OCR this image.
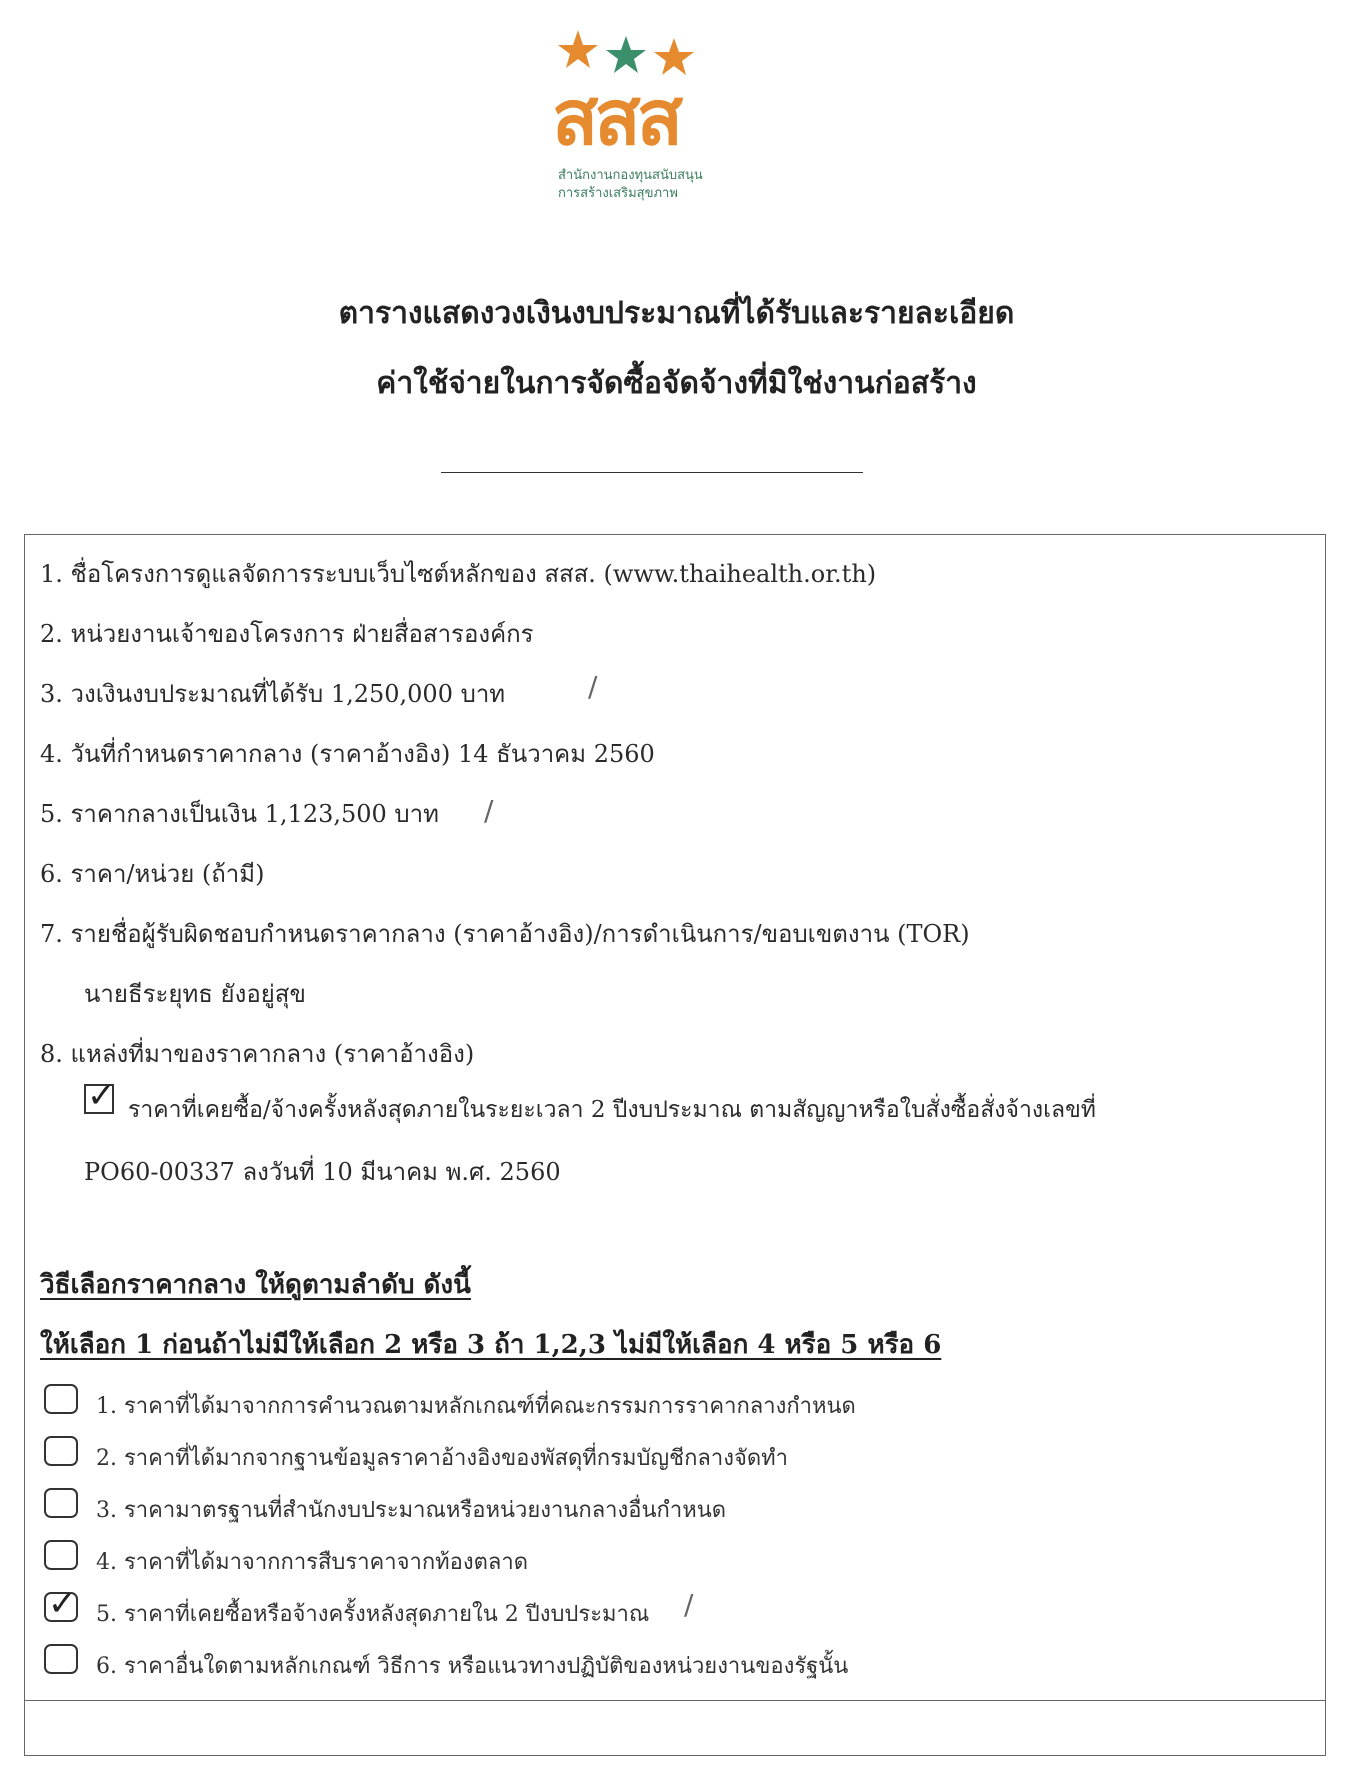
สสส
สำนักงานกองทุนสนับสนุน
การสร้างเสริมสุขภาพ
ตารางแสดงวงเงินงบประมาณที่ได้รับและรายละเอียด
ค่าใช้จ่ายในการจัดซื้อจัดจ้างที่มิใช่งานก่อสร้าง
1. ชื่อโครงการดูแลจัดการระบบเว็บไซต์หลักของ สสส. (www.thaihealth.or.th)
2. หน่วยงานเจ้าของโครงการ ฝ่ายสื่อสารองค์กร
3. วงเงินงบประมาณที่ได้รับ 1,250,000 บาท	/
4. วันที่กำหนดราคากลาง (ราคาอ้างอิง) 14 ธันวาคม 2560
5. ราคากลางเป็นเงิน 1,123,500 บาท /
6. ราคา/หน่วย (ถ้ามี)
7. รายชื่อผู้รับผิดชอบกำหนดราคากลาง (ราคาอ้างอิง)/การดำเนินการ/ขอบเขตงาน (TOR)
นายธีระยุทธ ยังอยู่สุข
8. แหล่งที่มาของราคากลาง (ราคาอ้างอิง)
✓ ราคาที่เคยซื้อ/จ้างครั้งหลังสุดภายในระยะเวลา 2 ปีงบประมาณ ตามสัญญาหรือใบสั่งซื้อสั่งจ้างเลขที่
PO60-00337 ลงวันที่ 10 มีนาคม พ.ศ. 2560
วิธีเลือกราคากลาง ให้ดูตามลำดับ ดังนี้
ให้เลือก 1 ก่อนถ้าไม่มีให้เลือก 2 หรือ 3 ถ้า 1,2,3 ไม่มีให้เลือก 4 หรือ 5 หรือ 6
1. ราคาที่ได้มาจากการคำนวณตามหลักเกณฑ์ที่คณะกรรมการราคากลางกำหนด
2. ราคาที่ได้มากจากฐานข้อมูลราคาอ้างอิงของพัสดุที่กรมบัญชีกลางจัดทำ
3. ราคามาตรฐานที่สำนักงบประมาณหรือหน่วยงานกลางอื่นกำหนด
4. ราคาที่ได้มาจากการสืบราคาจากท้องตลาด
✓ 5. ราคาที่เคยซื้อหรือจ้างครั้งหลังสุดภายใน 2 ปีงบประมาณ /
6. ราคาอื่นใดตามหลักเกณฑ์ วิธีการ หรือแนวทางปฏิบัติของหน่วยงานของรัฐนั้น
